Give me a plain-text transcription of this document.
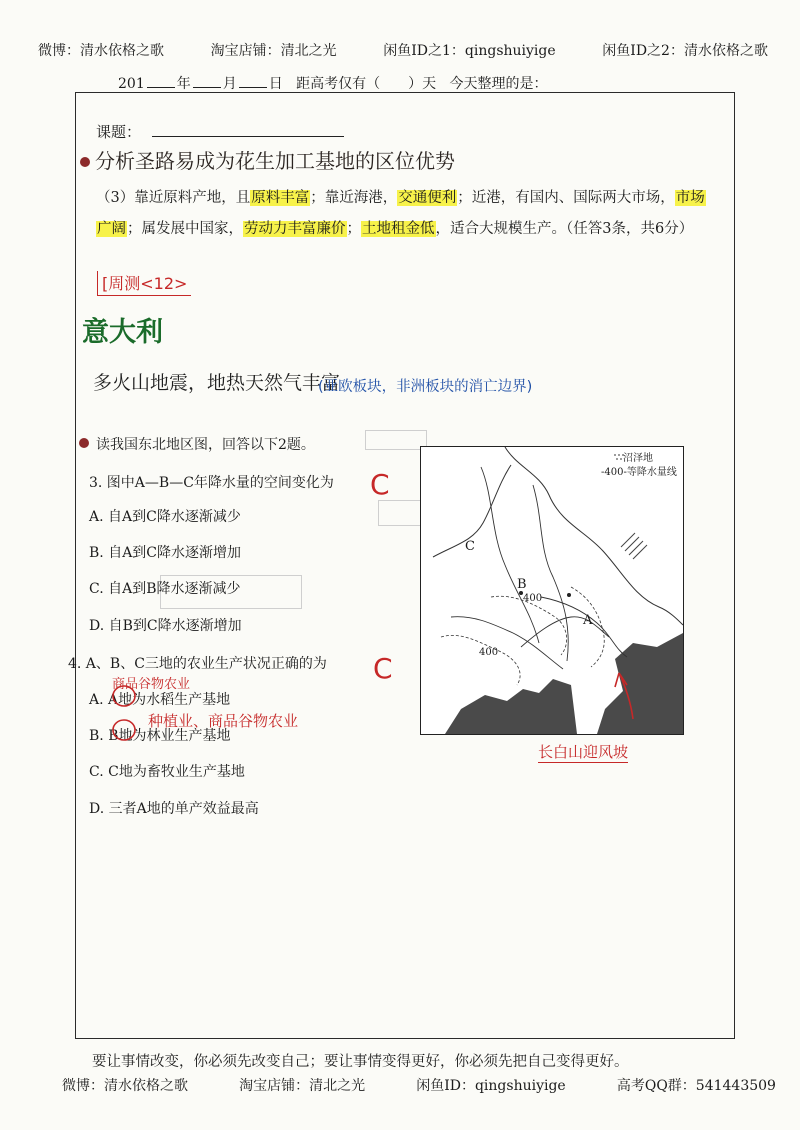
微博：清水依格之歌	淘宝店铺：清北之光	闲鱼ID之1：qingshuiyige	闲鱼ID之2：清水依格之歌
201 年 月 日 距高考仅有（　　）天 今天整理的是：
课题：
分析圣路易成为花生加工基地的区位优势
（3）靠近原料产地，且原料丰富；靠近海港，交通便利；近港，有国内、国际两大市场，市场
广阔；属发展中国家，劳动力丰富廉价；土地租金低，适合大规模生产。（任答3条，共6分）
[周测<12>
意大利
多火山地震，地热天然气丰富
(亚欧板块，非洲板块的消亡边界)
读我国东北地区图，回答以下2题。
3. 图中A—B—C年降水量的空间变化为 C
A. 自A到C降水逐渐减少
B. 自A到C降水逐渐增加
C. 自A到B降水逐渐减少
D. 自B到C降水逐渐增加
4. A、B、C三地的农业生产状况正确的为 C
商品谷物农业
A. A地为水稻生产基地
种植业、商品谷物农业
B. B地为林业生产基地
C. C地为畜牧业生产基地
D. 三者A地的单产效益最高
沼泽地
-400-等降水量线
C
B
A
400
400
长白山迎风坡
要让事情改变，你必须先改变自己；要让事情变得更好，你必须先把自己变得更好。
微博：清水依格之歌	淘宝店铺：清北之光	闲鱼ID：qingshuiyige	高考QQ群：541443509
